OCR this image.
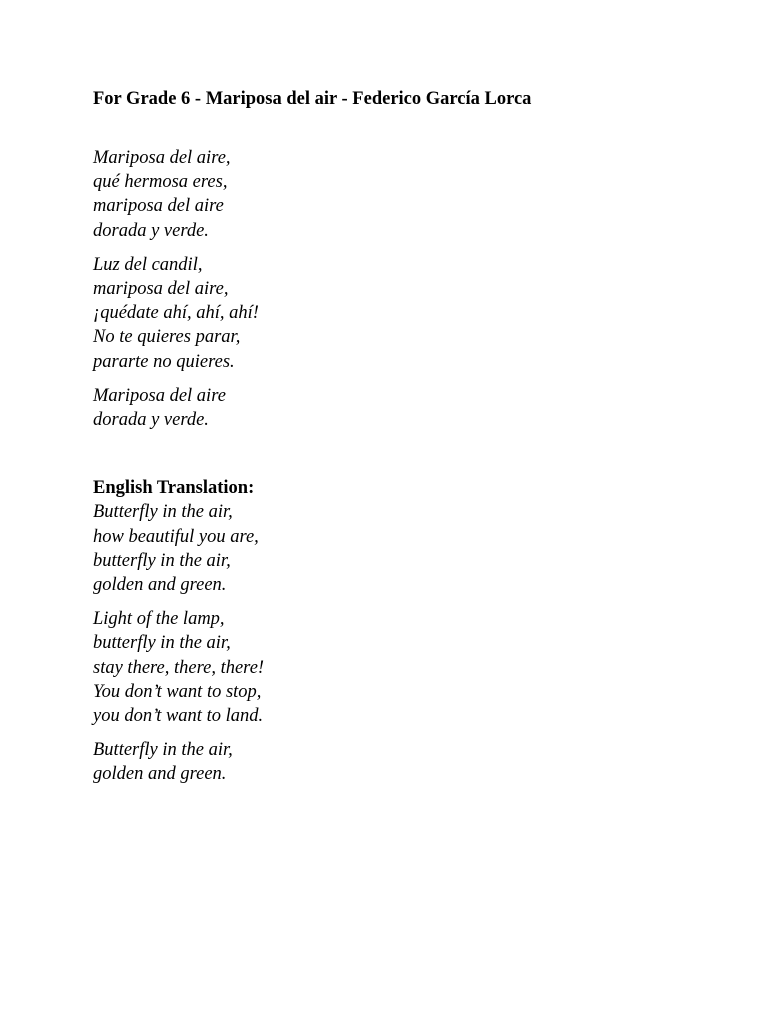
For Grade 6 - Mariposa del air - Federico García Lorca

Mariposa del aire,
qué hermosa eres,
mariposa del aire
dorada y verde.

Luz del candil,
mariposa del aire,
¡quédate ahí, ahí, ahí!
No te quieres parar,
pararte no quieres.

Mariposa del aire
dorada y verde.

English Translation:

Butterfly in the air,
how beautiful you are,
butterfly in the air,
golden and green.

Light of the lamp,
butterfly in the air,
stay there, there, there!
You don’t want to stop,
you don’t want to land.

Butterfly in the air,
golden and green.
